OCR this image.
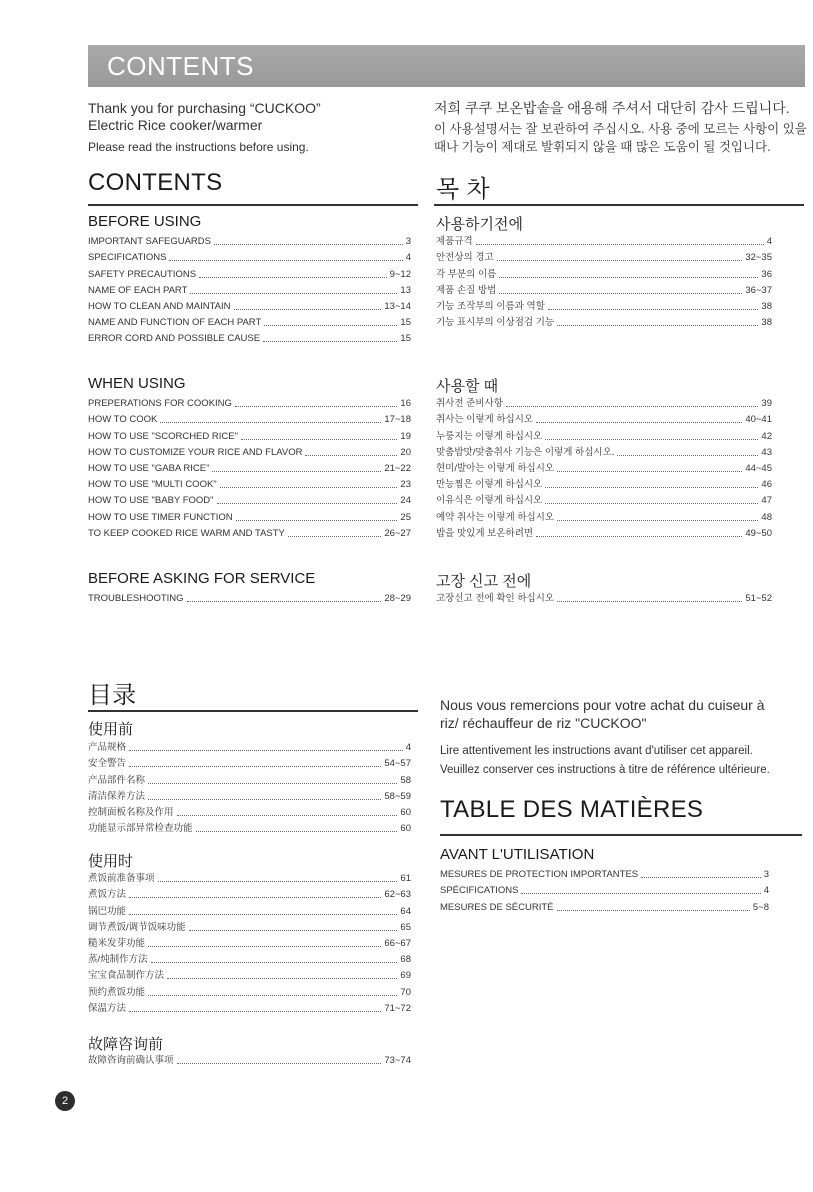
CONTENTS
Thank you for purchasing “CUCKOO”
Electric Rice cooker/warmer
Please read the instructions before using.
CONTENTS
BEFORE USING
IMPORTANT SAFEGUARDS	3
SPECIFICATIONS	4
SAFETY PRECAUTIONS	9~12
NAME OF EACH PART	13
HOW TO CLEAN AND MAINTAIN	13~14
NAME AND FUNCTION OF EACH PART	15
ERROR CORD AND POSSIBLE CAUSE	15
WHEN USING
PREPERATIONS FOR COOKING	16
HOW TO COOK	17~18
HOW TO USE "SCORCHED RICE"	19
HOW TO CUSTOMIZE YOUR RICE AND FLAVOR	20
HOW TO USE "GABA RICE"	21~22
HOW TO USE "MULTI COOK"	23
HOW TO USE "BABY FOOD"	24
HOW TO USE TIMER FUNCTION	25
TO KEEP COOKED RICE WARM AND TASTY	26~27
BEFORE ASKING FOR SERVICE
TROUBLESHOOTING	28~29
저희 쿠쿠 보온밥솥을 애용해 주셔서 대단히 감사 드립니다.
이 사용설명서는 잘 보관하여 주십시오. 사용 중에 모르는 사항이 있을
때나 기능이 제대로 발휘되지 않을 때 많은 도움이 될 것입니다.
목 차
사용하기전에
제품규격	4
안전상의 경고	32~35
각 부분의 이름	36
제품 손질 방법	36~37
기능 조작부의 이름과 역할	38
기능 표시부의 이상점검 기능	38
사용할 때
취사전 준비사항	39
취사는 이렇게 하십시오	40~41
누룽지는 이렇게 하십시오	42
맞춤밥맛/맞춤취사 기능은 이렇게 하십시오.	43
현미/발아는 이렇게 하십시오	44~45
만능찜은 이렇게 하십시오	46
이유식은 이렇게 하십시오	47
예약 취사는 이렇게 하십시오	48
밥을 맛있게 보온하려면	49~50
고장 신고 전에
고장신고 전에 확인 하십시오	51~52
目录
使用前
产品规格	4
安全警告	54~57
产品部件名称	58
清洁保养方法	58~59
控制面板名称及作用	60
功能显示部异常检查功能	60
使用时
煮饭前准备事项	61
煮饭方法	62~63
锅巴功能	64
调节煮饭/调节饭味功能	65
糙米发芽功能	66~67
蒸/炖制作方法	68
宝宝食品制作方法	69
预约煮饭功能	70
保温方法	71~72
故障咨询前
故障咨询前确认事项	73~74
Nous vous remercions pour votre achat du cuiseur à
riz/ réchauffeur de riz "CUCKOO"
Lire attentivement les instructions avant d'utiliser cet appareil.
Veuillez conserver ces instructions à titre de référence ultérieure.
TABLE DES MATIÈRES
AVANT L'UTILISATION
MESURES DE PROTECTION IMPORTANTES	3
SPÉCIFICATIONS	4
MESURES DE SÉCURITÉ	5~8
2
